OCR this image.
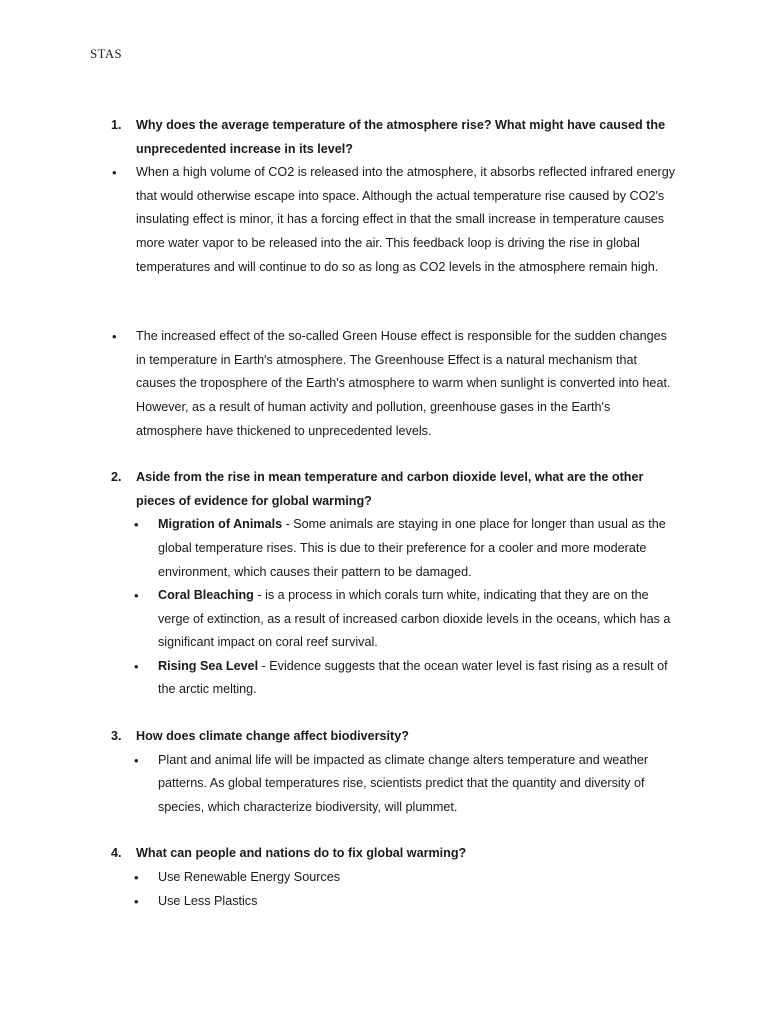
STAS
1. Why does the average temperature of the atmosphere rise? What might have caused the unprecedented increase in its level?
• When a high volume of CO2 is released into the atmosphere, it absorbs reflected infrared energy that would otherwise escape into space. Although the actual temperature rise caused by CO2's insulating effect is minor, it has a forcing effect in that the small increase in temperature causes more water vapor to be released into the air. This feedback loop is driving the rise in global temperatures and will continue to do so as long as CO2 levels in the atmosphere remain high.
• The increased effect of the so-called Green House effect is responsible for the sudden changes in temperature in Earth's atmosphere. The Greenhouse Effect is a natural mechanism that causes the troposphere of the Earth's atmosphere to warm when sunlight is converted into heat. However, as a result of human activity and pollution, greenhouse gases in the Earth's atmosphere have thickened to unprecedented levels.
2. Aside from the rise in mean temperature and carbon dioxide level, what are the other pieces of evidence for global warming?
• Migration of Animals - Some animals are staying in one place for longer than usual as the global temperature rises. This is due to their preference for a cooler and more moderate environment, which causes their pattern to be damaged.
• Coral Bleaching - is a process in which corals turn white, indicating that they are on the verge of extinction, as a result of increased carbon dioxide levels in the oceans, which has a significant impact on coral reef survival.
• Rising Sea Level - Evidence suggests that the ocean water level is fast rising as a result of the arctic melting.
3. How does climate change affect biodiversity?
• Plant and animal life will be impacted as climate change alters temperature and weather patterns. As global temperatures rise, scientists predict that the quantity and diversity of species, which characterize biodiversity, will plummet.
4. What can people and nations do to fix global warming?
• Use Renewable Energy Sources
• Use Less Plastics
